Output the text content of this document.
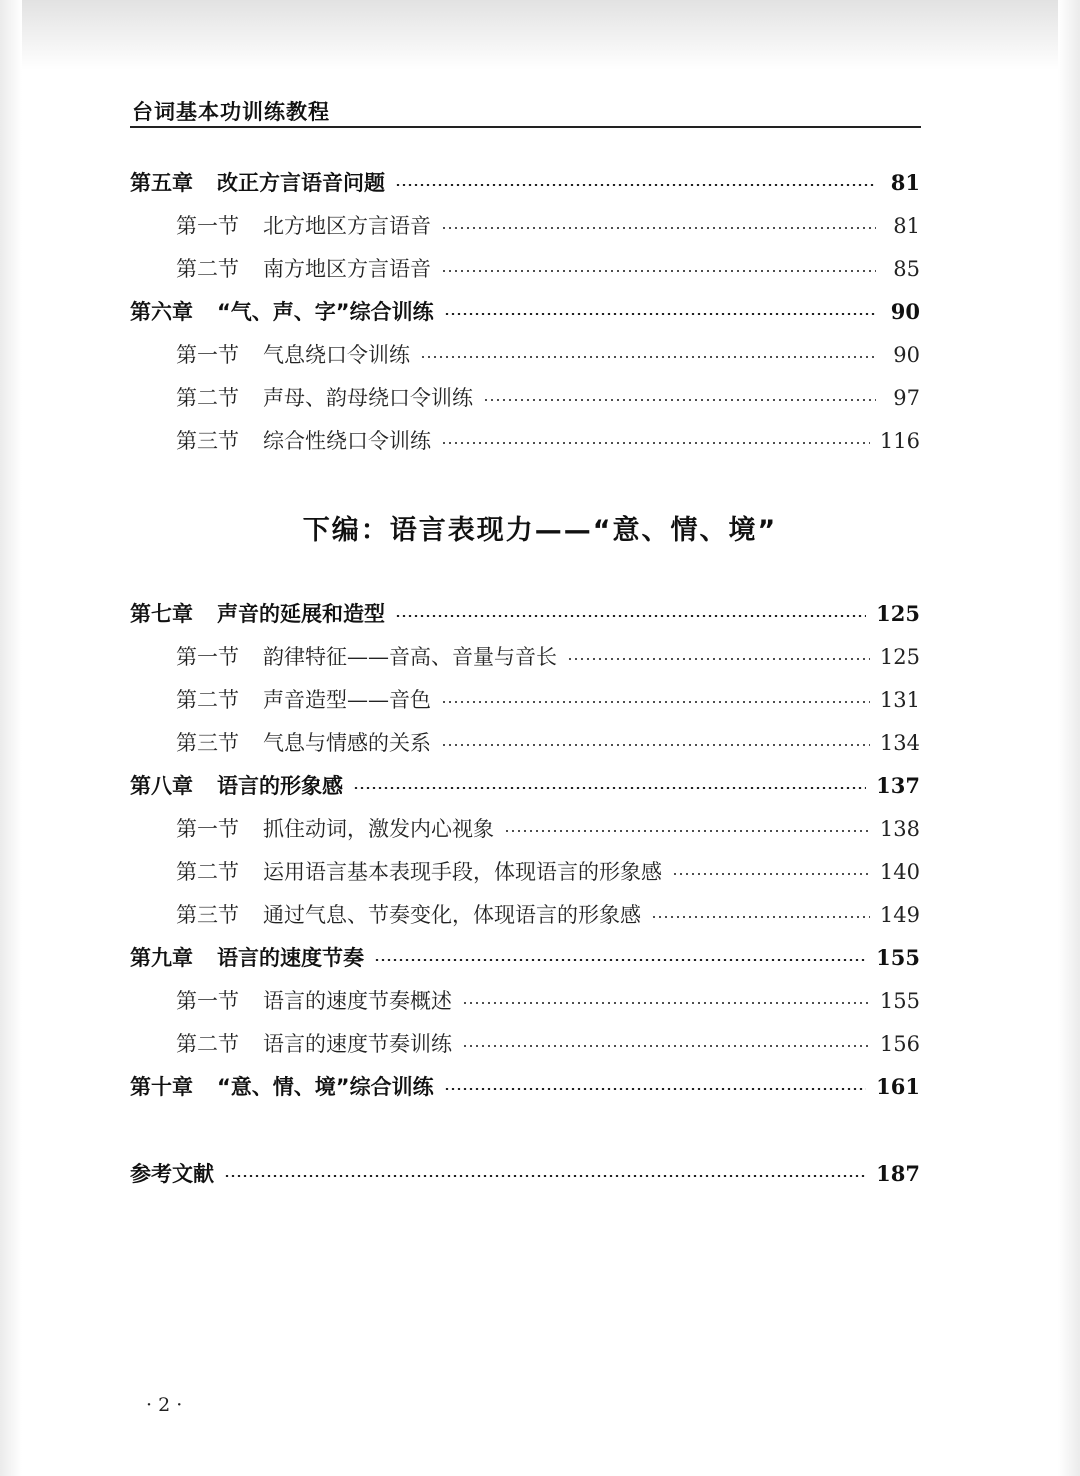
台词基本功训练教程
第五章 改正方言语音问题	81
第一节 北方地区方言语音	81
第二节 南方地区方言语音	85
第六章 “气、声、字”综合训练	90
第一节 气息绕口令训练	90
第二节 声母、韵母绕口令训练	97
第三节 综合性绕口令训练	116
下编：语言表现力——“意、情、境”
第七章 声音的延展和造型	125
第一节 韵律特征——音高、音量与音长	125
第二节 声音造型——音色	131
第三节 气息与情感的关系	134
第八章 语言的形象感	137
第一节 抓住动词，激发内心视象	138
第二节 运用语言基本表现手段，体现语言的形象感	140
第三节 通过气息、节奏变化，体现语言的形象感	149
第九章 语言的速度节奏	155
第一节 语言的速度节奏概述	155
第二节 语言的速度节奏训练	156
第十章 “意、情、境”综合训练	161
参考文献	187
· 2 ·
